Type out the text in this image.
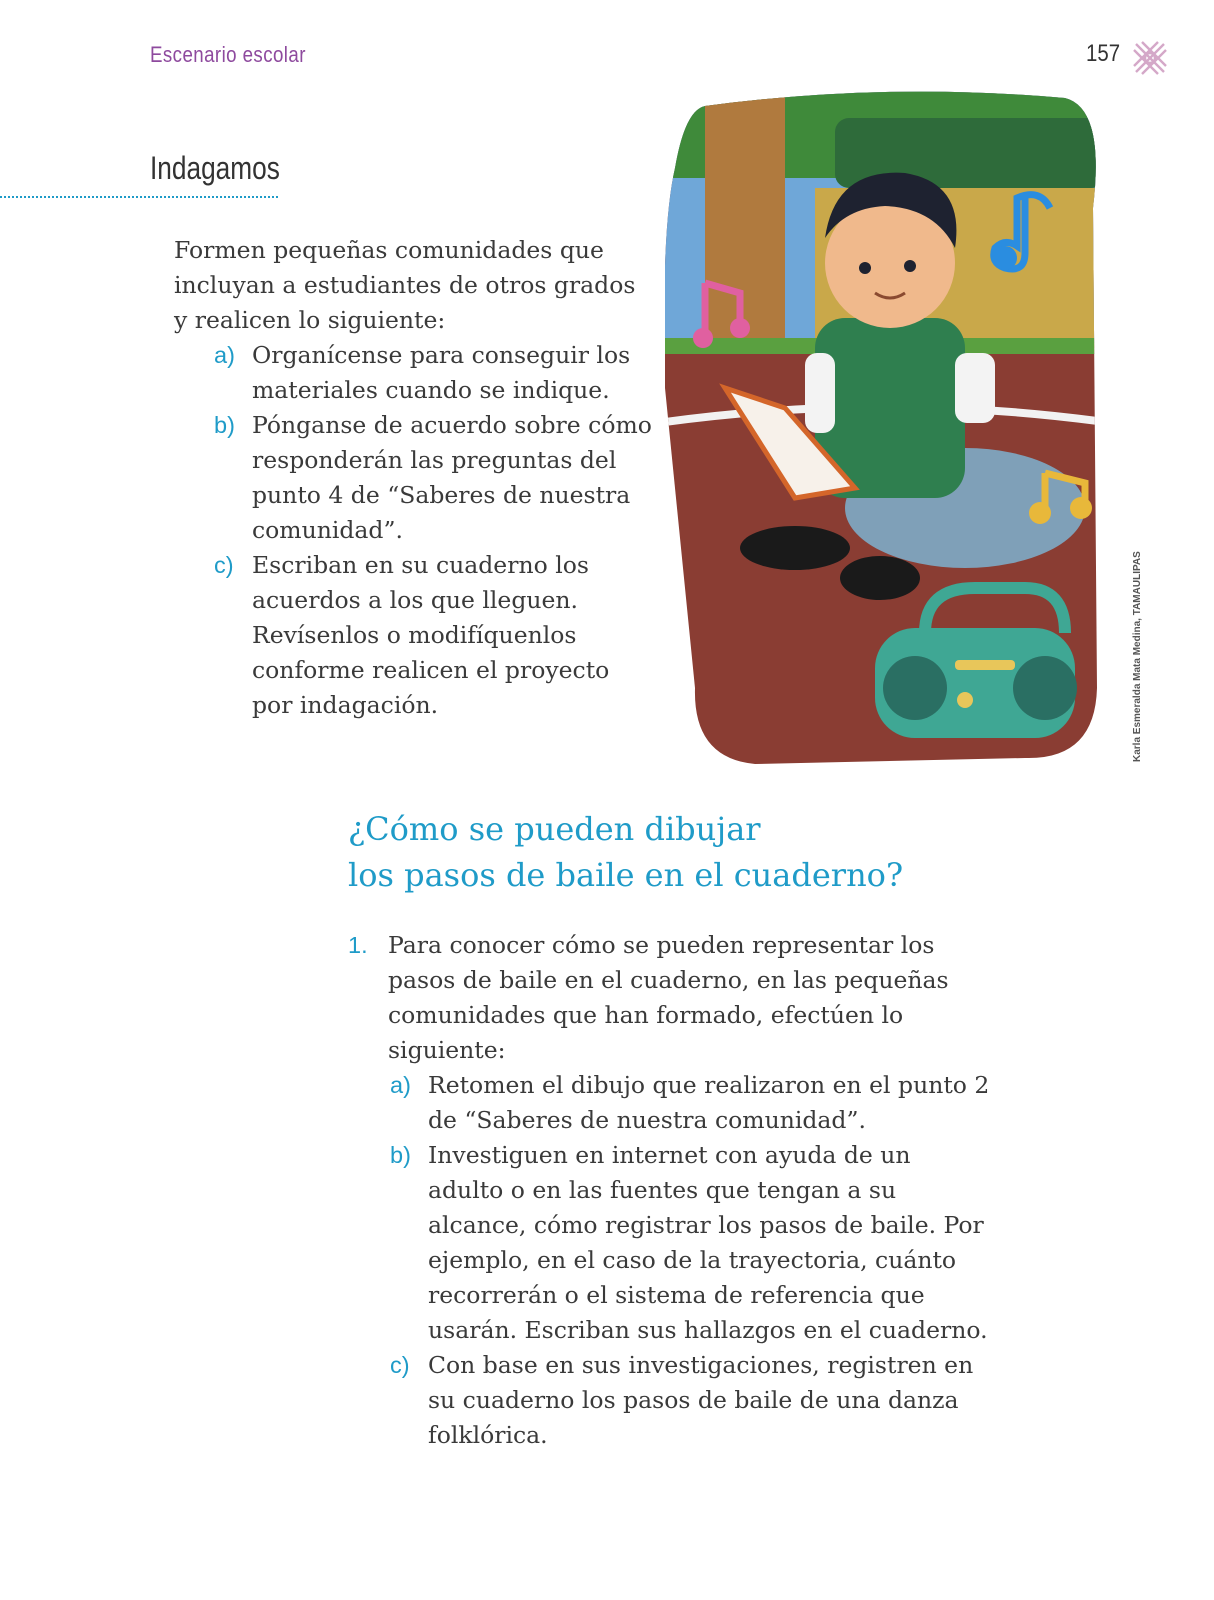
Escenario escolar	157
Indagamos

Formen pequeñas comunidades que incluyan a estudiantes de otros grados y realicen lo siguiente:

a) Organícense para conseguir los materiales cuando se indique.
b) Pónganse de acuerdo sobre cómo responderán las preguntas del punto 4 de “Saberes de nuestra comunidad”.
c) Escriban en su cuaderno los acuerdos a los que lleguen. Revísenlos o modifíquenlos conforme realicen el proyecto por indagación.	Karla Esmeralda Mata Medina, TAMAULIPAS
¿Cómo se pueden dibujar
los pasos de baile en el cuaderno?
1. Para conocer cómo se pueden representar los pasos de baile en el cuaderno, en las pequeñas comunidades que han formado, efectúen lo siguiente:
a) Retomen el dibujo que realizaron en el punto 2 de “Saberes de nuestra comunidad”.
b) Investiguen en internet con ayuda de un adulto o en las fuentes que tengan a su alcance, cómo registrar los pasos de baile. Por ejemplo, en el caso de la trayectoria, cuánto recorrerán o el sistema de referencia que usarán. Escriban sus hallazgos en el cuaderno.
c) Con base en sus investigaciones, registren en su cuaderno los pasos de baile de una danza folklórica.
